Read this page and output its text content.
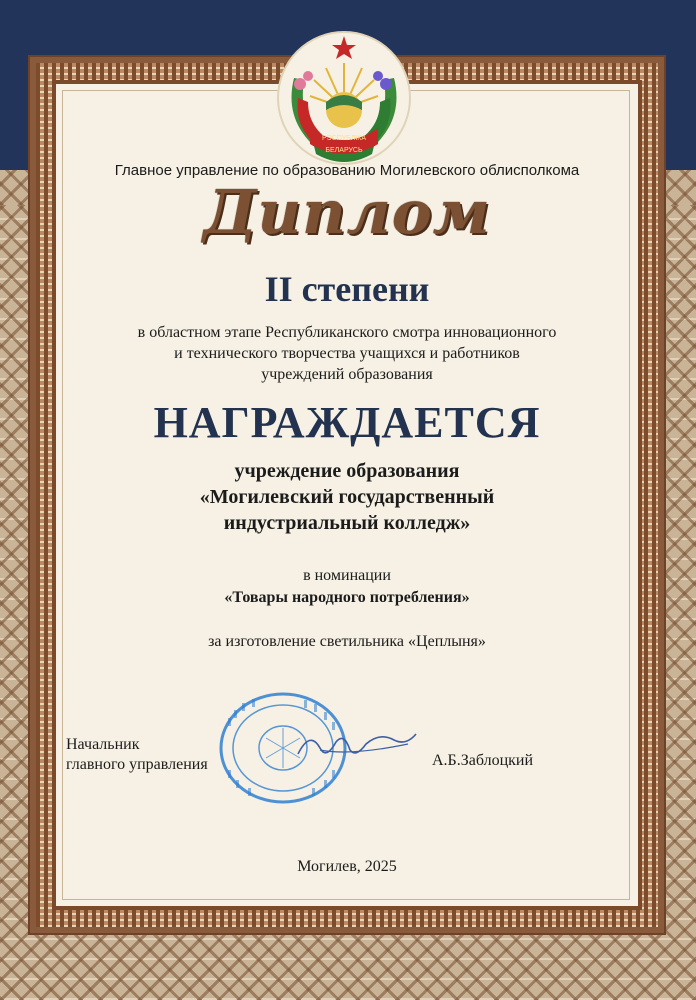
РЭСПУБЛІКА
БЕЛАРУСЬ
Главное управление по образованию Могилевского облисполкома
Диплом
II степени
в областном этапе Республиканского смотра инновационного
и технического творчества учащихся и работников
учреждений образования
НАГРАЖДАЕТСЯ
учреждение образования
«Могилевский государственный
индустриальный колледж»
в номинации
«Товары народного потребления»
за изготовление светильника «Цеплыня»
Начальник
главного управления	А.Б.Заблоцкий
Могилев, 2025
